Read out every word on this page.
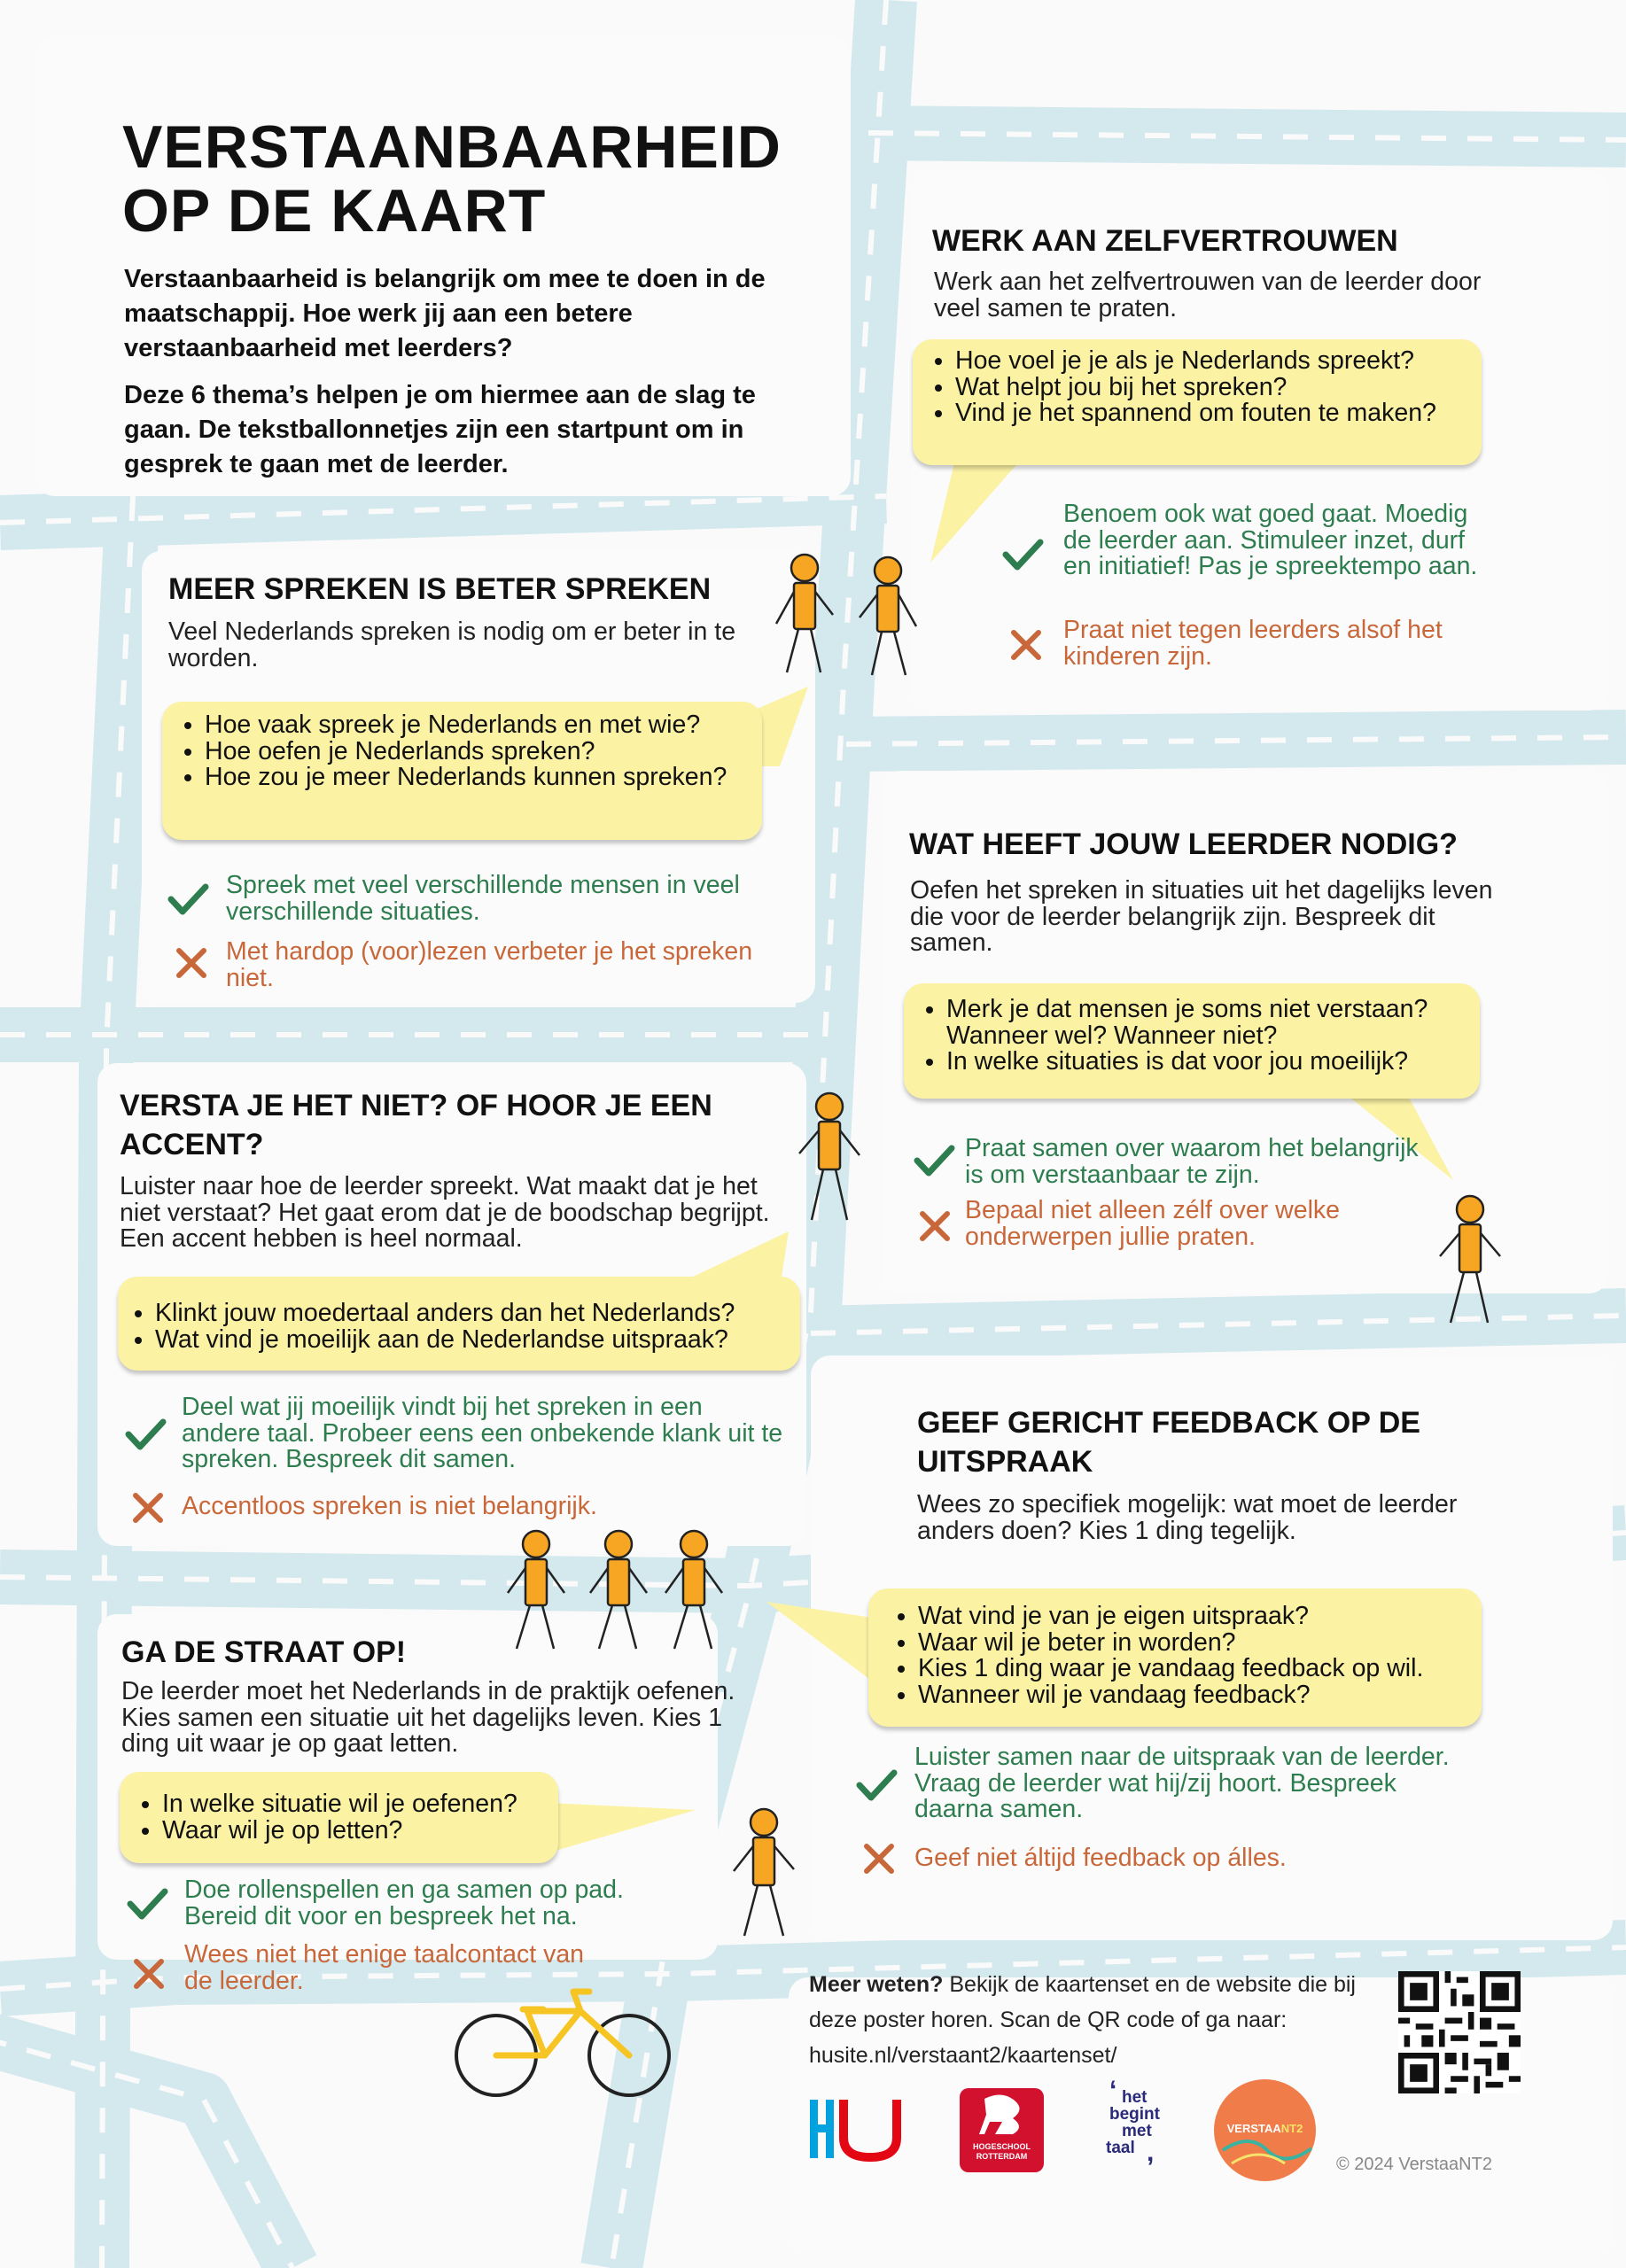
VERSTAANBAARHEID
OP DE KAART

Verstaanbaarheid is belangrijk om mee te doen in de maatschappij. Hoe werk jij aan een betere verstaanbaarheid met leerders?

Deze 6 thema’s helpen je om hiermee aan de slag te gaan. De tekstballonnetjes zijn een startpunt om in gesprek te gaan met de leerder.

WERK AAN ZELFVERTROUWEN

Werk aan het zelfvertrouwen van de leerder door veel samen te praten.

• Hoe voel je je als je Nederlands spreekt?
• Wat helpt jou bij het spreken?
• Vind je het spannend om fouten te maken?

Benoem ook wat goed gaat. Moedig de leerder aan. Stimuleer inzet, durf en initiatief! Pas je spreektempo aan.

Praat niet tegen leerders alsof het kinderen zijn.

MEER SPREKEN IS BETER SPREKEN

Veel Nederlands spreken is nodig om er beter in te worden.

• Hoe vaak spreek je Nederlands en met wie?
• Hoe oefen je Nederlands spreken?
• Hoe zou je meer Nederlands kunnen spreken?

Spreek met veel verschillende mensen in veel verschillende situaties.

Met hardop (voor)lezen verbeter je het spreken niet.

WAT HEEFT JOUW LEERDER NODIG?

Oefen het spreken in situaties uit het dagelijks leven die voor de leerder belangrijk zijn. Bespreek dit samen.

• Merk je dat mensen je soms niet verstaan? Wanneer wel? Wanneer niet?
• In welke situaties is dat voor jou moeilijk?

Praat samen over waarom het belangrijk is om verstaanbaar te zijn.

Bepaal niet alleen zélf over welke onderwerpen jullie praten.

VERSTA JE HET NIET? OF HOOR JE EEN ACCENT?

Luister naar hoe de leerder spreekt. Wat maakt dat je het niet verstaat? Het gaat erom dat je de boodschap begrijpt. Een accent hebben is heel normaal.

• Klinkt jouw moedertaal anders dan het Nederlands?
• Wat vind je moeilijk aan de Nederlandse uitspraak?

Deel wat jij moeilijk vindt bij het spreken in een andere taal. Probeer eens een onbekende klank uit te spreken. Bespreek dit samen.

Accentloos spreken is niet belangrijk.

GEEF GERICHT FEEDBACK OP DE UITSPRAAK

Wees zo specifiek mogelijk: wat moet de leerder anders doen? Kies 1 ding tegelijk.

• Wat vind je van je eigen uitspraak?
• Waar wil je beter in worden?
• Kies 1 ding waar je vandaag feedback op wil.
• Wanneer wil je vandaag feedback?

Luister samen naar de uitspraak van de leerder. Vraag de leerder wat hij/zij hoort. Bespreek daarna samen.

Geef niet áltijd feedback op álles.

GA DE STRAAT OP!

De leerder moet het Nederlands in de praktijk oefenen. Kies samen een situatie uit het dagelijks leven. Kies 1 ding uit waar je op gaat letten.

• In welke situatie wil je oefenen?
• Waar wil je op letten?

Doe rollenspellen en ga samen op pad. Bereid dit voor en bespreek het na.

Wees niet het enige taalcontact van de leerder.	Meer weten? Bekijk de kaartenset en de website die bij deze poster horen. Scan de QR code of ga naar:

husite.nl/verstaant2/kaartenset/
HOGESCHOOL
ROTTERDAM
het
begint
met
taal
‘
,
VERSTAANT2
© 2024 VerstaaNT2
